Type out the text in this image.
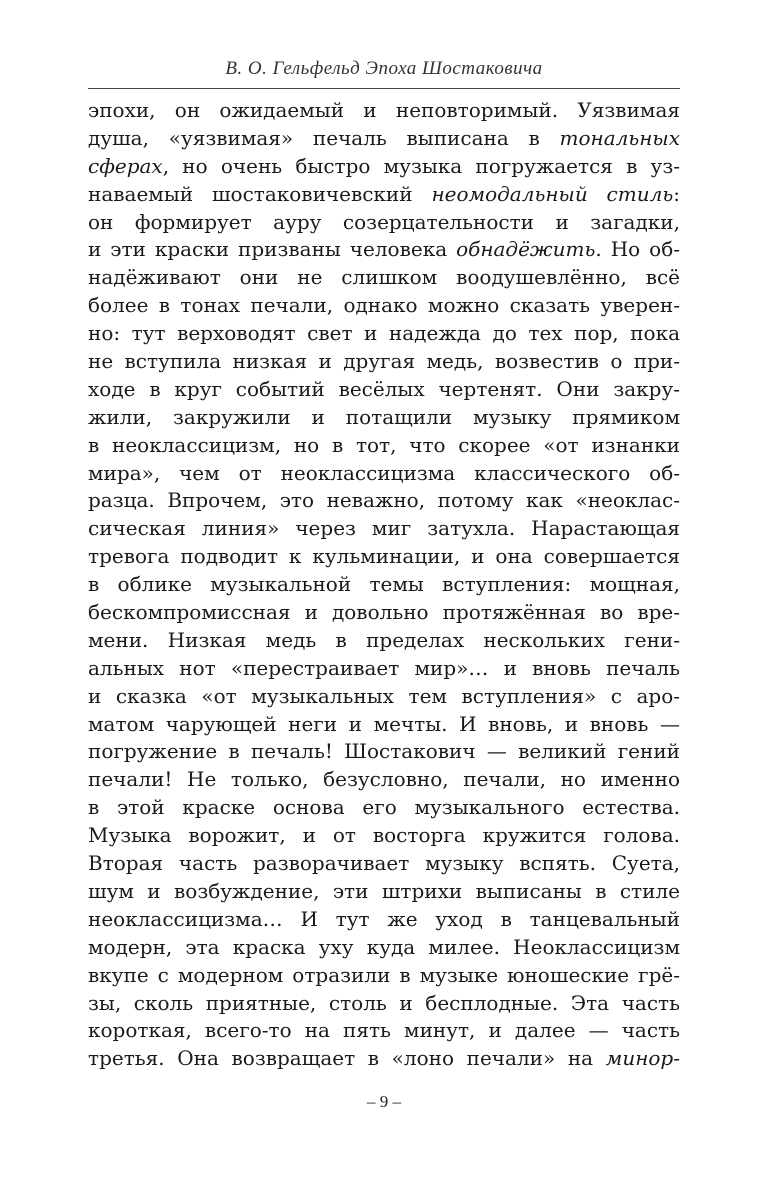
В. О. Гельфельд Эпоха Шостаковича
эпохи, он ожидаемый и неповторимый. Уязвимая
душа, «уязвимая» печаль выписана в тональных
сферах, но очень быстро музыка погружается в уз-
наваемый шостаковичевский неомодальный стиль:
он формирует ауру созерцательности и загадки,
и эти краски призваны человека обнадёжить. Но об-
надёживают они не слишком воодушевлённо, всё
более в тонах печали, однако можно сказать уверен-
но: тут верховодят свет и надежда до тех пор, пока
не вступила низкая и другая медь, возвестив о при-
ходе в круг событий весёлых чертенят. Они закру-
жили, закружили и потащили музыку прямиком
в неоклассицизм, но в тот, что скорее «от изнанки
мира», чем от неоклассицизма классического об-
разца. Впрочем, это неважно, потому как «неоклас-
сическая линия» через миг затухла. Нарастающая
тревога подводит к кульминации, и она совершается
в облике музыкальной темы вступления: мощная,
бескомпромиссная и довольно протяжённая во вре-
мени. Низкая медь в пределах нескольких гени-
альных нот «перестраивает мир»… и вновь печаль
и сказка «от музыкальных тем вступления» с аро-
матом чарующей неги и мечты. И вновь, и вновь —
погружение в печаль! Шостакович — великий гений
печали! Не только, безусловно, печали, но именно
в этой краске основа его музыкального естества.
Музыка ворожит, и от восторга кружится голова.
Вторая часть разворачивает музыку вспять. Суета,
шум и возбуждение, эти штрихи выписаны в стиле
неоклассицизма… И тут же уход в танцевальный
модерн, эта краска уху куда милее. Неоклассицизм
вкупе с модерном отразили в музыке юношеские грё-
зы, сколь приятные, столь и бесплодные. Эта часть
короткая, всего-то на пять минут, и далее — часть
третья. Она возвращает в «лоно печали» на минор-
– 9 –
